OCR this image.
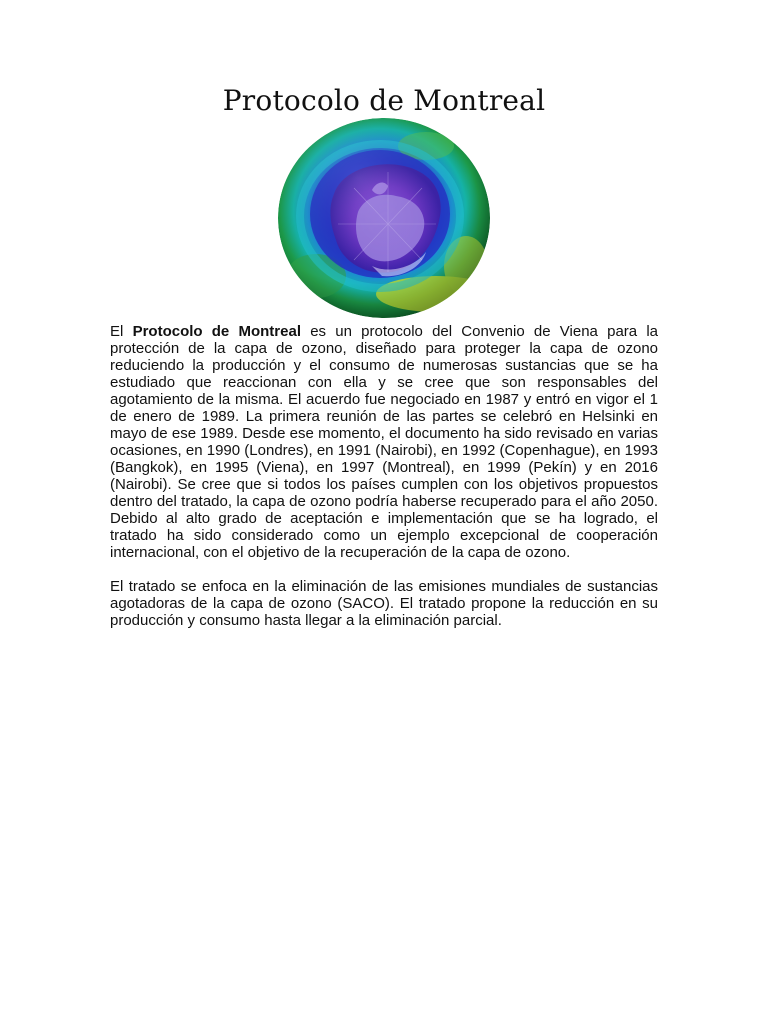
Protocolo de Montreal

El Protocolo de Montreal es un protocolo del Convenio de Viena para la protección de la capa de ozono, diseñado para proteger la capa de ozono reduciendo la producción y el consumo de numerosas sustancias que se ha estudiado que reaccionan con ella y se cree que son responsables del agotamiento de la misma. El acuerdo fue negociado en 1987 y entró en vigor el 1 de enero de 1989. La primera reunión de las partes se celebró en Helsinki en mayo de ese 1989. Desde ese momento, el documento ha sido revisado en varias ocasiones, en 1990 (Londres), en 1991 (Nairobi), en 1992 (Copenhague), en 1993 (Bangkok), en 1995 (Viena), en 1997 (Montreal), en 1999 (Pekín) y en 2016 (Nairobi). Se cree que si todos los países cumplen con los objetivos propuestos dentro del tratado, la capa de ozono podría haberse recuperado para el año 2050. Debido al alto grado de aceptación e implementación que se ha logrado, el tratado ha sido considerado como un ejemplo excepcional de cooperación internacional, con el objetivo de la recuperación de la capa de ozono.

El tratado se enfoca en la eliminación de las emisiones mundiales de sustancias agotadoras de la capa de ozono (SACO). El tratado propone la reducción en su producción y consumo hasta llegar a la eliminación parcial.
